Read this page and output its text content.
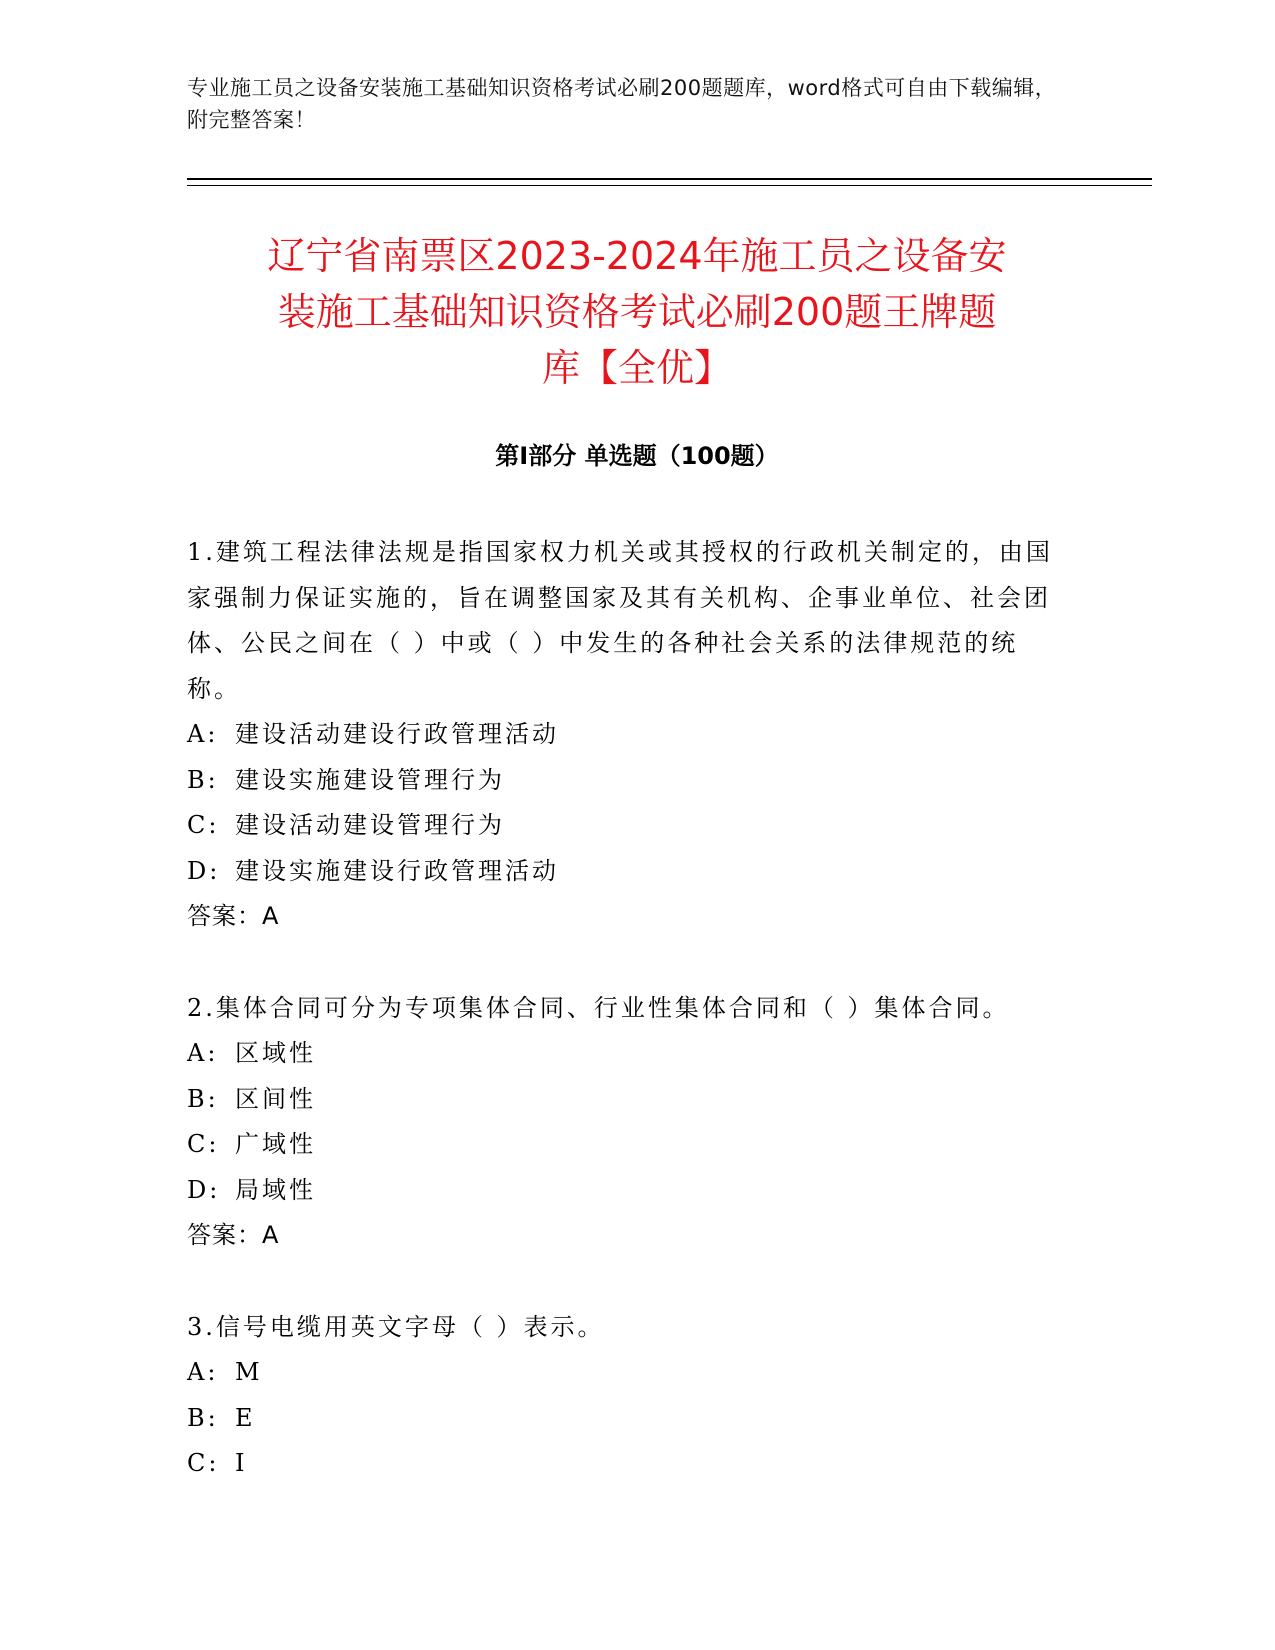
专业施工员之设备安装施工基础知识资格考试必刷200题题库，word格式可自由下载编辑，附完整答案！
辽宁省南票区2023-2024年施工员之设备安
装施工基础知识资格考试必刷200题王牌题
库【全优】
第Ⅰ部分 单选题（100题）
1.建筑工程法律法规是指国家权力机关或其授权的行政机关制定的，由国家强制力保证实施的，旨在调整国家及其有关机构、企事业单位、社会团体、公民之间在（ ）中或（ ）中发生的各种社会关系的法律规范的统称。
A: 建设活动建设行政管理活动
B: 建设实施建设管理行为
C: 建设活动建设管理行为
D: 建设实施建设行政管理活动
答案：A
2.集体合同可分为专项集体合同、行业性集体合同和（ ）集体合同。
A: 区域性
B: 区间性
C: 广域性
D: 局域性
答案：A
3.信号电缆用英文字母（ ）表示。
A: M
B: E
C: I
